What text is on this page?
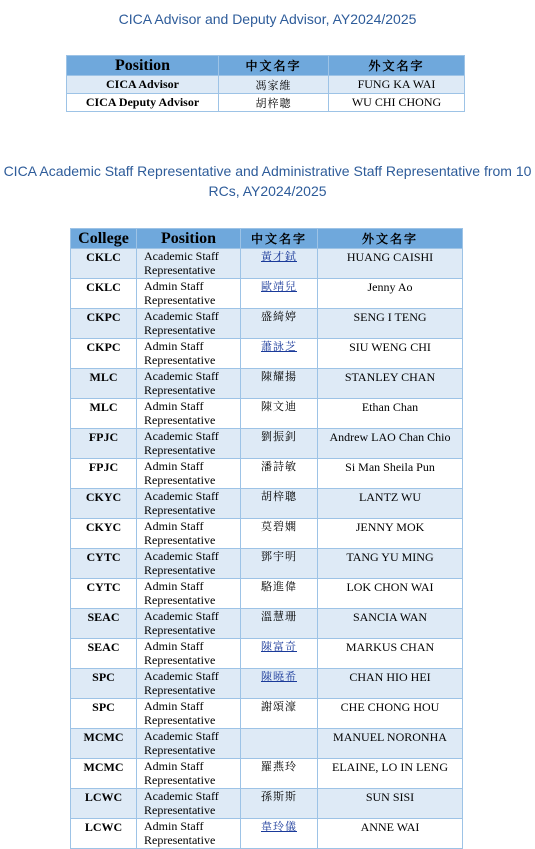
CICA Advisor and Deputy Advisor, AY2024/2025
Position	中文名字	外文名字
CICA Advisor	馮家維	FUNG KA WAI
CICA Deputy Advisor	胡梓聰	WU CHI CHONG
CICA Academic Staff Representative and Administrative Staff Representative from 10 RCs, AY2024/2025
College	Position	中文名字	外文名字
CKLC	Academic Staff Representative	黃才鉽	HUANG CAISHI
CKLC	Admin Staff Representative	歐靖兒	Jenny Ao
CKPC	Academic Staff Representative	盛綺婷	SENG I TENG
CKPC	Admin Staff Representative	蕭詠芝	SIU WENG CHI
MLC	Academic Staff Representative	陳耀揚	STANLEY CHAN
MLC	Admin Staff Representative	陳文迪	Ethan Chan
FPJC	Academic Staff Representative	劉振釗	Andrew LAO Chan Chio
FPJC	Admin Staff Representative	潘詩敏	Si Man Sheila Pun
CKYC	Academic Staff Representative	胡梓聰	LANTZ WU
CKYC	Admin Staff Representative	莫碧嫻	JENNY MOK
CYTC	Academic Staff Representative	鄧宇明	TANG YU MING
CYTC	Admin Staff Representative	駱進偉	LOK CHON WAI
SEAC	Academic Staff Representative	溫慧珊	SANCIA WAN
SEAC	Admin Staff Representative	陳富奇	MARKUS CHAN
SPC	Academic Staff Representative	陳曉希	CHAN HIO HEI
SPC	Admin Staff Representative	謝頌濠	CHE CHONG HOU
MCMC	Academic Staff Representative		MANUEL NORONHA
MCMC	Admin Staff Representative	羅燕玲	ELAINE, LO IN LENG
LCWC	Academic Staff Representative	孫斯斯	SUN SISI
LCWC	Admin Staff Representative	韋玲儀	ANNE WAI
